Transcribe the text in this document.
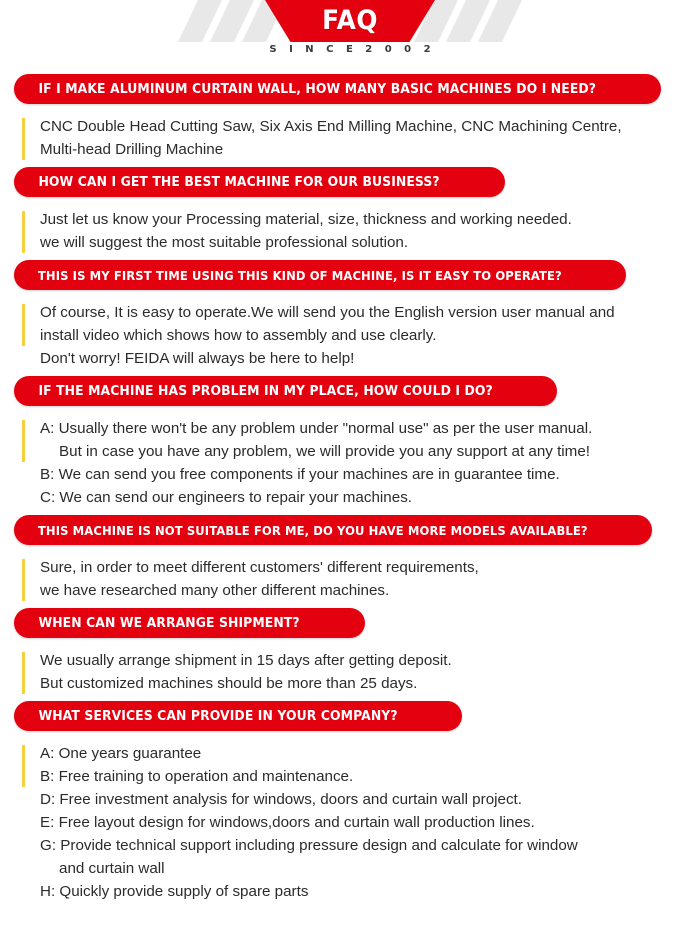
FAQ
S I N C E 2 0 0 2
IF I MAKE ALUMINUM CURTAIN WALL, HOW MANY BASIC MACHINES DO I NEED?
CNC Double Head Cutting Saw, Six Axis End Milling Machine, CNC Machining Centre,
Multi-head Drilling Machine
HOW CAN I GET THE BEST MACHINE FOR OUR BUSINESS?
Just let us know your Processing material, size, thickness and working needed.
we will suggest the most suitable professional solution.
THIS IS MY FIRST TIME USING THIS KIND OF MACHINE, IS IT EASY TO OPERATE?
Of course, It is easy to operate.We will send you the English version user manual and
install video which shows how to assembly and use clearly.
Don't worry! FEIDA will always be here to help!
IF THE MACHINE HAS PROBLEM IN MY PLACE, HOW COULD I DO?
A: Usually there won't be any problem under "normal use" as per the user manual.
But in case you have any problem, we will provide you any support at any time!
B: We can send you free components if your machines are in guarantee time.
C: We can send our engineers to repair your machines.
THIS MACHINE IS NOT SUITABLE FOR ME, DO YOU HAVE MORE MODELS AVAILABLE?
Sure, in order to meet different customers' different requirements,
we have researched many other different machines.
WHEN CAN WE ARRANGE SHIPMENT?
We usually arrange shipment in 15 days after getting deposit.
But customized machines should be more than 25 days.
WHAT SERVICES CAN PROVIDE IN YOUR COMPANY?
A: One years guarantee
B: Free training to operation and maintenance.
D: Free investment analysis for windows, doors and curtain wall project.
E: Free layout design for windows,doors and curtain wall production lines.
G: Provide technical support including pressure design and calculate for window
and curtain wall
H: Quickly provide supply of spare parts
